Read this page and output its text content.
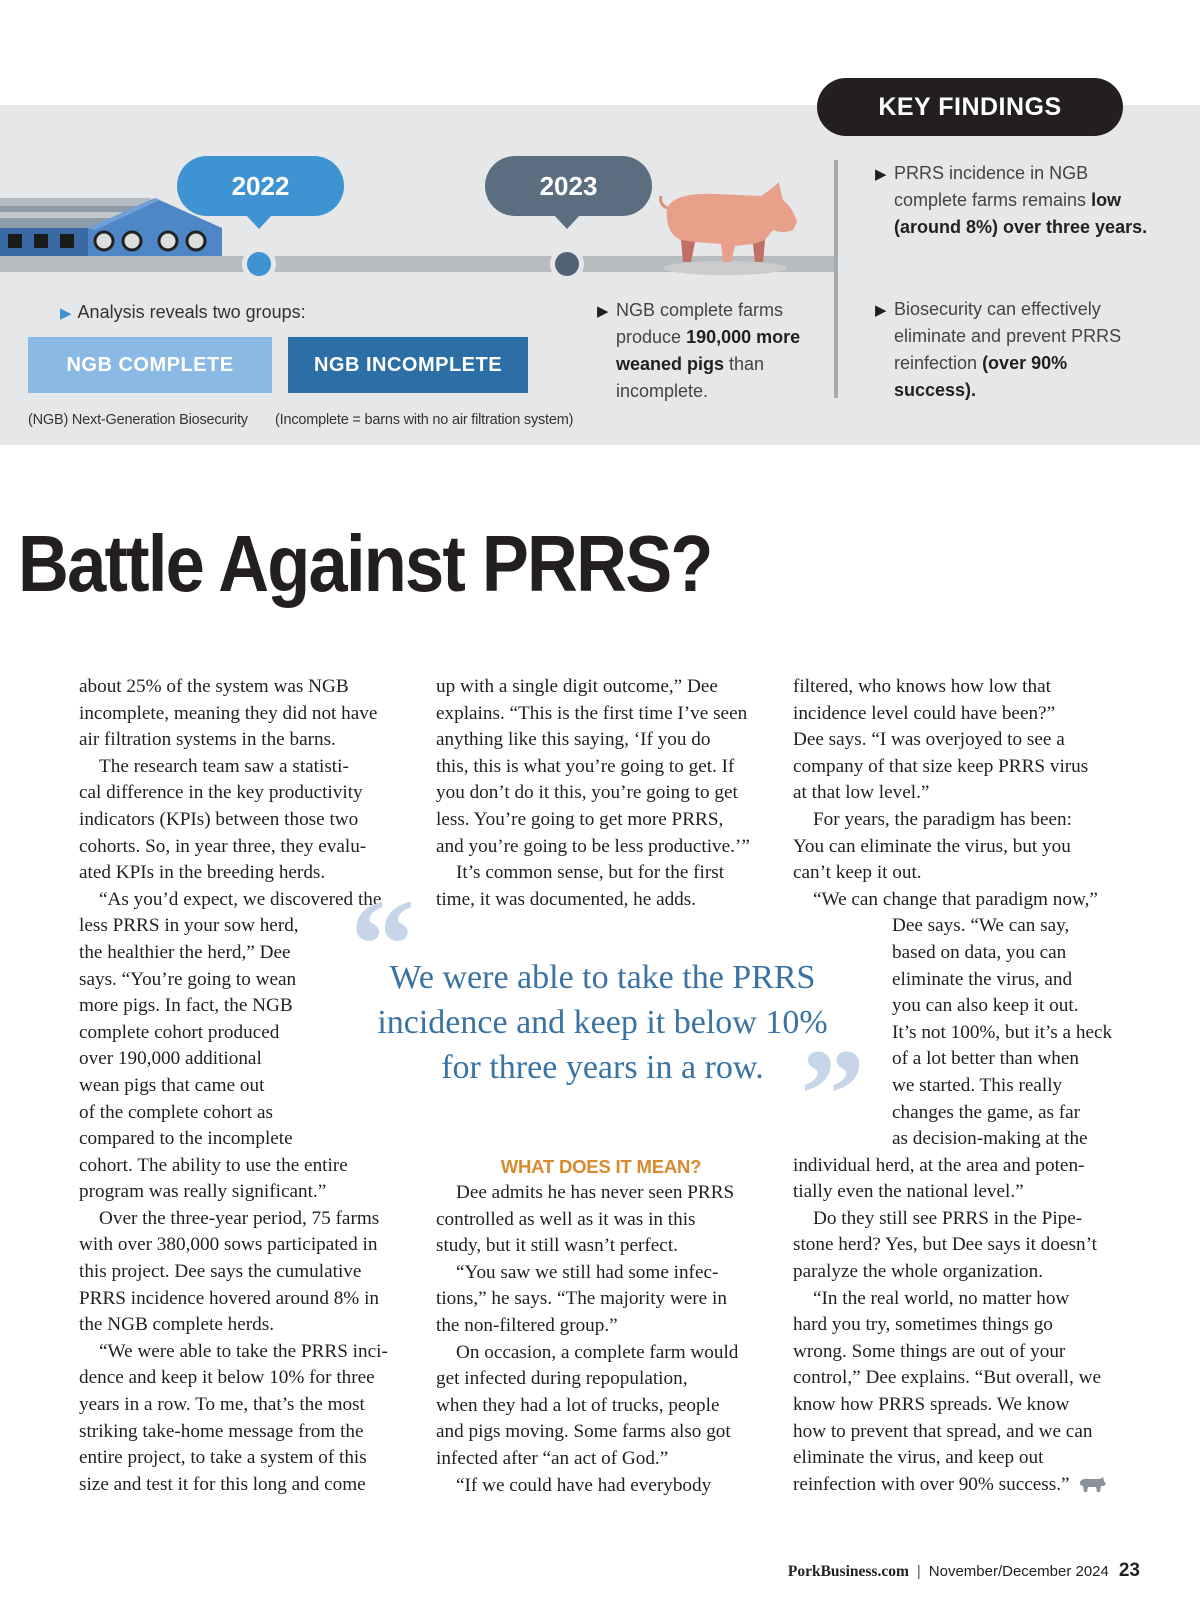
KEY FINDINGS
2022	2023
▶ Analysis reveals two groups:
NGB COMPLETE	NGB INCOMPLETE
(NGB) Next-Generation Biosecurity (Incomplete = barns with no air filtration system)
▶ NGB complete farms produce 190,000 more weaned pigs than incomplete.
▶ PRRS incidence in NGB complete farms remains low (around 8%) over three years.
▶ Biosecurity can effectively eliminate and prevent PRRS reinfection (over 90% success).
Battle Against PRRS?
about 25% of the system was NGB
incomplete, meaning they did not have
air filtration systems in the barns.
The research team saw a statisti-
cal difference in the key productivity
indicators (KPIs) between those two
cohorts. So, in year three, they evalu-
ated KPIs in the breeding herds.
“As you’d expect, we discovered the
less PRRS in your sow herd,
the healthier the herd,” Dee
says. “You’re going to wean
more pigs. In fact, the NGB
complete cohort produced
over 190,000 additional
wean pigs that came out
of the complete cohort as
compared to the incomplete
cohort. The ability to use the entire
program was really significant.”
Over the three-year period, 75 farms
with over 380,000 sows participated in
this project. Dee says the cumulative
PRRS incidence hovered around 8% in
the NGB complete herds.
“We were able to take the PRRS inci-
dence and keep it below 10% for three
years in a row. To me, that’s the most
striking take-home message from the
entire project, to take a system of this
size and test it for this long and come
up with a single digit outcome,” Dee
explains. “This is the first time I’ve seen
anything like this saying, ‘If you do
this, this is what you’re going to get. If
you don’t do it this, you’re going to get
less. You’re going to get more PRRS,
and you’re going to be less productive.’”
It’s common sense, but for the first
time, it was documented, he adds.
“
We were able to take the PRRS incidence and keep it below 10% for three years in a row. ”
WHAT DOES IT MEAN?
Dee admits he has never seen PRRS
controlled as well as it was in this
study, but it still wasn’t perfect.
“You saw we still had some infec-
tions,” he says. “The majority were in
the non-filtered group.”
On occasion, a complete farm would
get infected during repopulation,
when they had a lot of trucks, people
and pigs moving. Some farms also got
infected after “an act of God.”
“If we could have had everybody
filtered, who knows how low that
incidence level could have been?”
Dee says. “I was overjoyed to see a
company of that size keep PRRS virus
at that low level.”
For years, the paradigm has been:
You can eliminate the virus, but you
can’t keep it out.
“We can change that paradigm now,”
Dee says. “We can say,
based on data, you can
eliminate the virus, and
you can also keep it out.
It’s not 100%, but it’s a heck
of a lot better than when
we started. This really
changes the game, as far
as decision-making at the
individual herd, at the area and poten-
tially even the national level.”
Do they still see PRRS in the Pipe-
stone herd? Yes, but Dee says it doesn’t
paralyze the whole organization.
“In the real world, no matter how
hard you try, sometimes things go
wrong. Some things are out of your
control,” Dee explains. “But overall, we
know how PRRS spreads. We know
how to prevent that spread, and we can
eliminate the virus, and keep out
reinfection with over 90% success.”
PorkBusiness.com | November/December 2024 23
